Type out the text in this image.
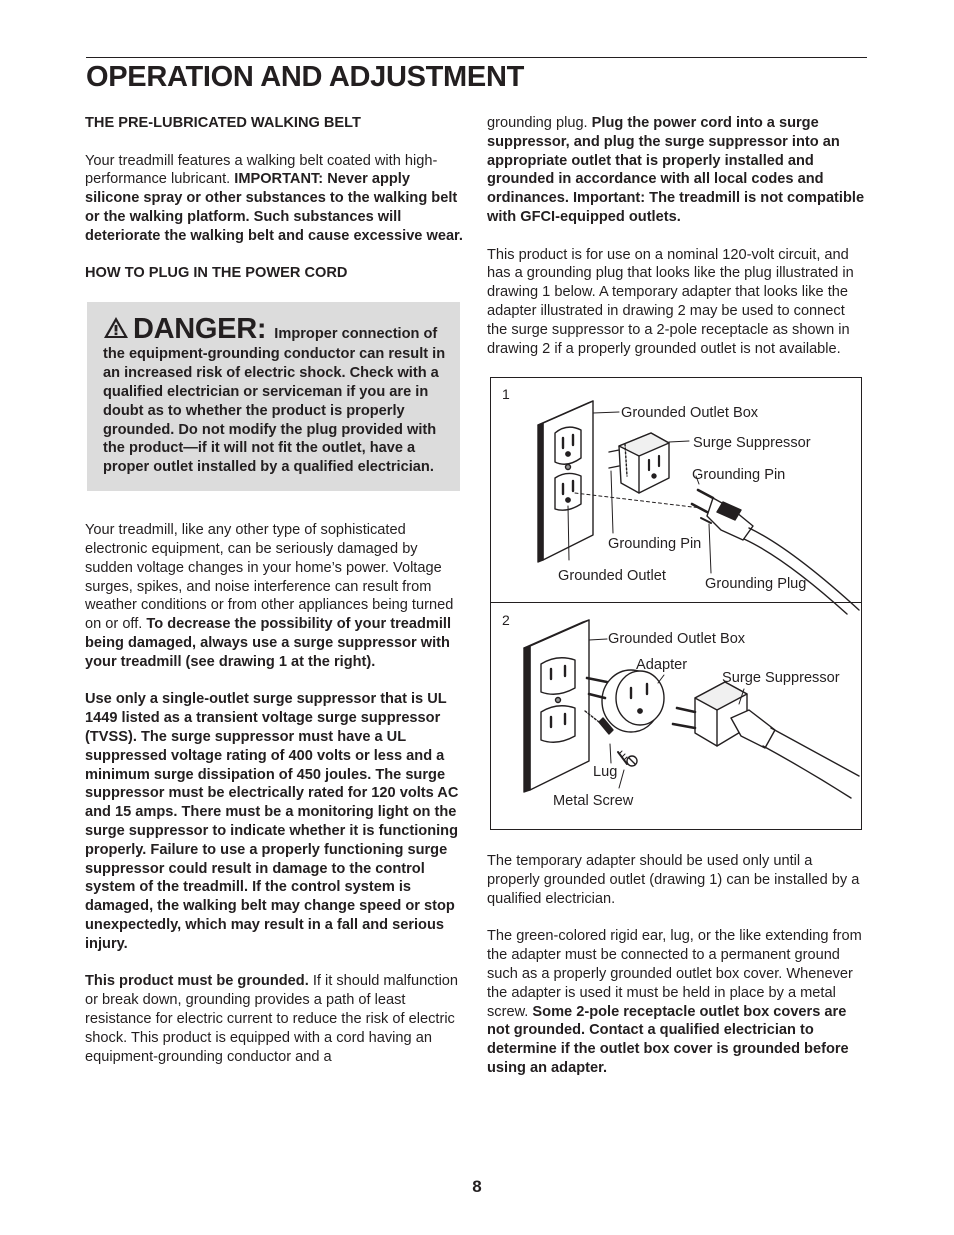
OPERATION AND ADJUSTMENT
THE PRE-LUBRICATED WALKING BELT

Your treadmill features a walking belt coated with high-performance lubricant. IMPORTANT: Never apply silicone spray or other substances to the walking belt or the walking platform. Such substances will deteriorate the walking belt and cause excessive wear.

HOW TO PLUG IN THE POWER CORD
DANGER: Improper connection of the equipment-grounding conductor can result in an increased risk of electric shock. Check with a qualified electrician or serviceman if you are in doubt as to whether the product is properly grounded. Do not modify the plug provided with the product—if it will not fit the outlet, have a proper outlet installed by a qualified electrician.

Your treadmill, like any other type of sophisticated electronic equipment, can be seriously damaged by sudden voltage changes in your home’s power. Voltage surges, spikes, and noise interference can result from weather conditions or from other appliances being turned on or off. To decrease the possibility of your treadmill being damaged, always use a surge suppressor with your treadmill (see drawing 1 at the right).

Use only a single-outlet surge suppressor that is UL 1449 listed as a transient voltage surge suppressor (TVSS). The surge suppressor must have a UL suppressed voltage rating of 400 volts or less and a minimum surge dissipation of 450 joules. The surge suppressor must be electrically rated for 120 volts AC and 15 amps. There must be a monitoring light on the surge suppressor to indicate whether it is functioning properly. Failure to use a properly functioning surge suppressor could result in damage to the control system of the treadmill. If the control system is damaged, the walking belt may change speed or stop unexpectedly, which may result in a fall and serious injury.

This product must be grounded. If it should malfunction or break down, grounding provides a path of least resistance for electric current to reduce the risk of electric shock. This product is equipped with a cord having an equipment-grounding conductor and a

grounding plug. Plug the power cord into a surge suppressor, and plug the surge suppressor into an appropriate outlet that is properly installed and grounded in accordance with all local codes and ordinances. Important: The treadmill is not compatible with GFCI-equipped outlets.

This product is for use on a nominal 120-volt circuit, and has a grounding plug that looks like the plug illustrated in drawing 1 below. A temporary adapter that looks like the adapter illustrated in drawing 2 may be used to connect the surge suppressor to a 2-pole receptacle as shown in drawing 2 if a properly grounded outlet is not available.

1
Grounded Outlet Box
Surge Suppressor
Grounding Pin
Grounding Pin
Grounded Outlet	Grounding Plug
2
Grounded Outlet Box
Adapter
Surge Suppressor
Lug
Metal Screw

The temporary adapter should be used only until a properly grounded outlet (drawing 1) can be installed by a qualified electrician.

The green-colored rigid ear, lug, or the like extending from the adapter must be connected to a permanent ground such as a properly grounded outlet box cover. Whenever the adapter is used it must be held in place by a metal screw. Some 2-pole receptacle outlet box covers are not grounded. Contact a qualified electrician to determine if the outlet box cover is grounded before using an adapter.

8
